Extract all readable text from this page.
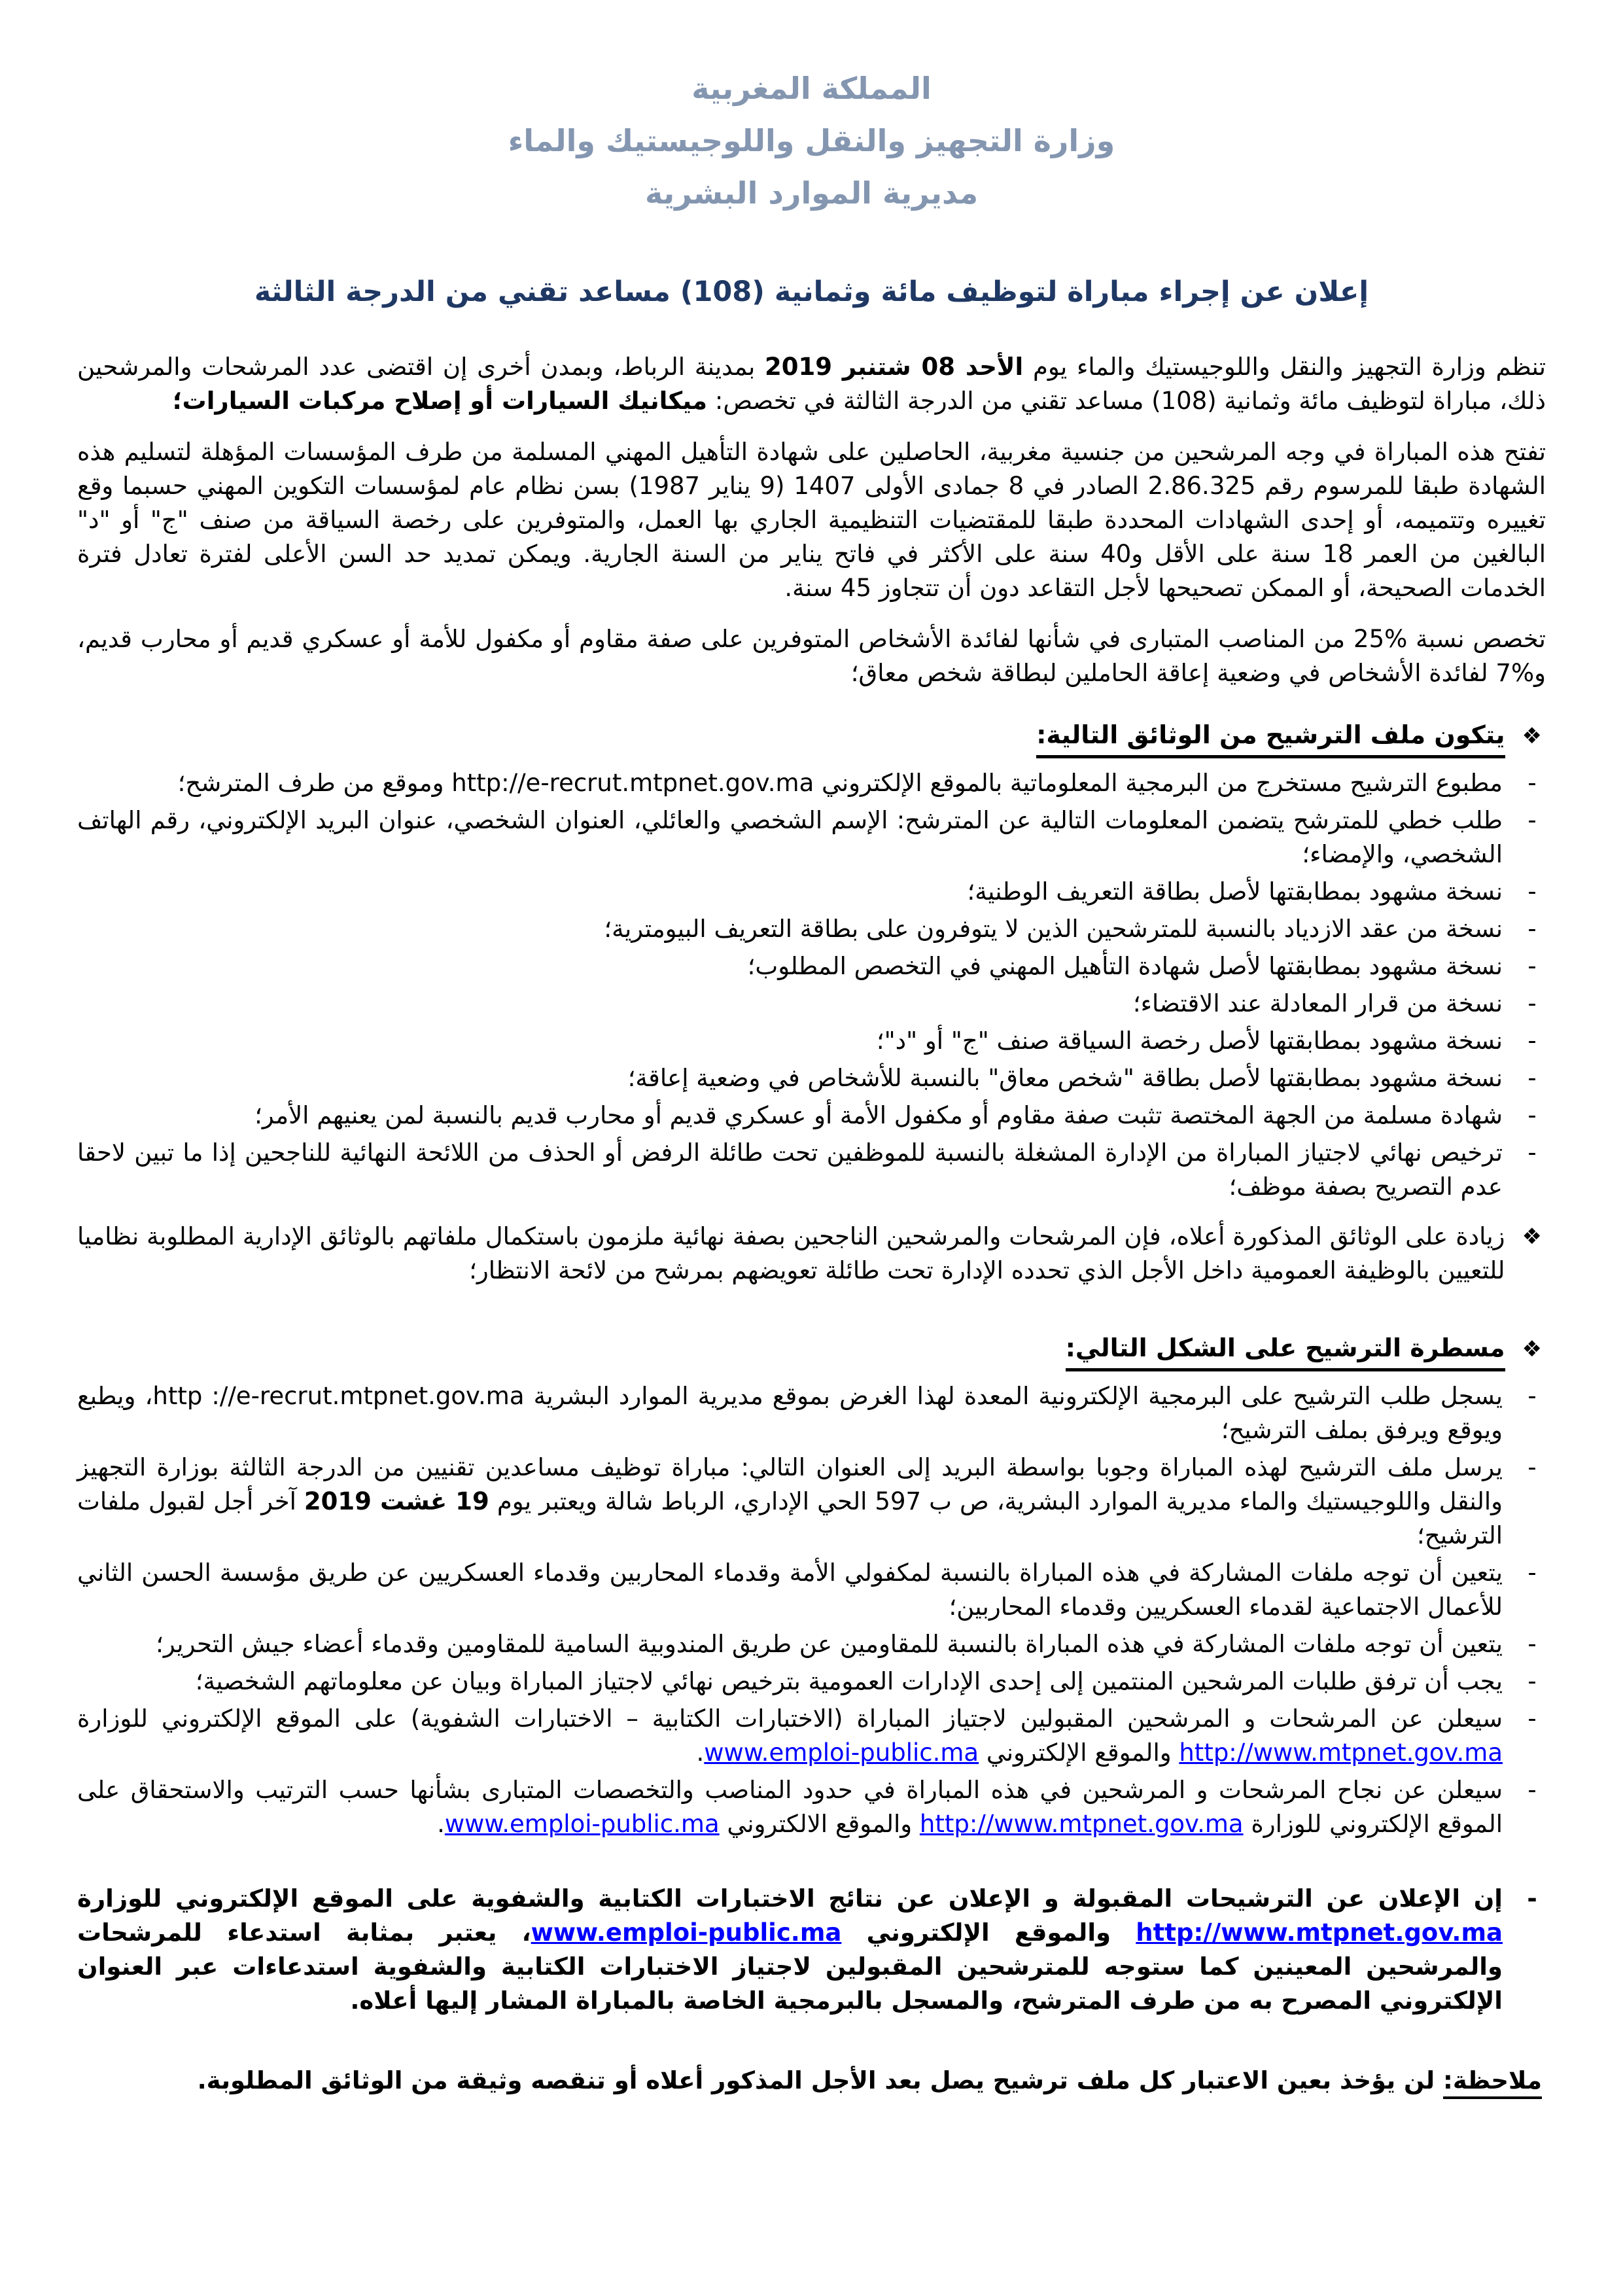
المملكة المغربية
وزارة التجهيز والنقل واللوجيستيك والماء
مديرية الموارد البشرية
إعلان عن إجراء مباراة لتوظيف مائة وثمانية (108) مساعد تقني من الدرجة الثالثة

تنظم وزارة التجهيز والنقل واللوجيستيك والماء يوم الأحد 08 شتنبر 2019 بمدينة الرباط، وبمدن أخرى إن اقتضى عدد المرشحات والمرشحين ذلك، مباراة لتوظيف مائة وثمانية (108) مساعد تقني من الدرجة الثالثة في تخصص: ميكانيك السيارات أو إصلاح مركبات السيارات؛

تفتح هذه المباراة في وجه المرشحين من جنسية مغربية، الحاصلين على شهادة التأهيل المهني المسلمة من طرف المؤسسات المؤهلة لتسليم هذه الشهادة طبقا للمرسوم رقم 2.86.325 الصادر في 8 جمادى الأولى 1407 (9 يناير 1987) بسن نظام عام لمؤسسات التكوين المهني حسبما وقع تغييره وتتميمه، أو إحدى الشهادات المحددة طبقا للمقتضيات التنظيمية الجاري بها العمل، والمتوفرين على رخصة السياقة من صنف "ج" أو "د" البالغين من العمر 18 سنة على الأقل و40 سنة على الأكثر في فاتح يناير من السنة الجارية. ويمكن تمديد حد السن الأعلى لفترة تعادل فترة الخدمات الصحيحة، أو الممكن تصحيحها لأجل التقاعد دون أن تتجاوز 45 سنة.

تخصص نسبة %25 من المناصب المتبارى في شأنها لفائدة الأشخاص المتوفرين على صفة مقاوم أو مكفول للأمة أو عسكري قديم أو محارب قديم، و%7 لفائدة الأشخاص في وضعية إعاقة الحاملين لبطاقة شخص معاق؛

❖
يتكون ملف الترشيح من الوثائق التالية:
-
مطبوع الترشيح مستخرج من البرمجية المعلوماتية بالموقع الإلكتروني http://e-recrut.mtpnet.gov.ma وموقع من طرف المترشح؛
-
طلب خطي للمترشح يتضمن المعلومات التالية عن المترشح: الإسم الشخصي والعائلي، العنوان الشخصي، عنوان البريد الإلكتروني، رقم الهاتف الشخصي، والإمضاء؛
-
نسخة مشهود بمطابقتها لأصل بطاقة التعريف الوطنية؛
-
نسخة من عقد الازدياد بالنسبة للمترشحين الذين لا يتوفرون على بطاقة التعريف البيومترية؛
-
نسخة مشهود بمطابقتها لأصل شهادة التأهيل المهني في التخصص المطلوب؛
-
نسخة من قرار المعادلة عند الاقتضاء؛
-
نسخة مشهود بمطابقتها لأصل رخصة السياقة صنف "ج" أو "د"؛
-
نسخة مشهود بمطابقتها لأصل بطاقة "شخص معاق" بالنسبة للأشخاص في وضعية إعاقة؛
-
شهادة مسلمة من الجهة المختصة تثبت صفة مقاوم أو مكفول الأمة أو عسكري قديم أو محارب قديم بالنسبة لمن يعنيهم الأمر؛
-
ترخيص نهائي لاجتياز المباراة من الإدارة المشغلة بالنسبة للموظفين تحت طائلة الرفض أو الحذف من اللائحة النهائية للناجحين إذا ما تبين لاحقا عدم التصريح بصفة موظف؛
❖
زيادة على الوثائق المذكورة أعلاه، فإن المرشحات والمرشحين الناجحين بصفة نهائية ملزمون باستكمال ملفاتهم بالوثائق الإدارية المطلوبة نظاميا للتعيين بالوظيفة العمومية داخل الأجل الذي تحدده الإدارة تحت طائلة تعويضهم بمرشح من لائحة الانتظار؛
❖
مسطرة الترشيح على الشكل التالي:
-
يسجل طلب الترشيح على البرمجية الإلكترونية المعدة لهذا الغرض بموقع مديرية الموارد البشرية http ://e-recrut.mtpnet.gov.ma، ويطبع ويوقع ويرفق بملف الترشيح؛
-
يرسل ملف الترشيح لهذه المباراة وجوبا بواسطة البريد إلى العنوان التالي: مباراة توظيف مساعدين تقنيين من الدرجة الثالثة بوزارة التجهيز والنقل واللوجيستيك والماء مديرية الموارد البشرية، ص ب 597 الحي الإداري، الرباط شالة ويعتبر يوم 19 غشت 2019 آخر أجل لقبول ملفات الترشيح؛
-
يتعين أن توجه ملفات المشاركة في هذه المباراة بالنسبة لمكفولي الأمة وقدماء المحاربين وقدماء العسكريين عن طريق مؤسسة الحسن الثاني للأعمال الاجتماعية لقدماء العسكريين وقدماء المحاربين؛
-
يتعين أن توجه ملفات المشاركة في هذه المباراة بالنسبة للمقاومين عن طريق المندوبية السامية للمقاومين وقدماء أعضاء جيش التحرير؛
-
يجب أن ترفق طلبات المرشحين المنتمين إلى إحدى الإدارات العمومية بترخيص نهائي لاجتياز المباراة وبيان عن معلوماتهم الشخصية؛
-
سيعلن عن المرشحات و المرشحين المقبولين لاجتياز المباراة (الاختبارات الكتابية – الاختبارات الشفوية) على الموقع الإلكتروني للوزارة http://www.mtpnet.gov.ma والموقع الإلكتروني www.emploi-public.ma.
-
سيعلن عن نجاح المرشحات و المرشحين في هذه المباراة في حدود المناصب والتخصصات المتبارى بشأنها حسب الترتيب والاستحقاق على الموقع الإلكتروني للوزارة http://www.mtpnet.gov.ma والموقع الالكتروني www.emploi-public.ma.
-
إن الإعلان عن الترشيحات المقبولة و الإعلان عن نتائج الاختبارات الكتابية والشفوية على الموقع الإلكتروني للوزارة http://www.mtpnet.gov.ma والموقع الإلكتروني www.emploi-public.ma، يعتبر بمثابة استدعاء للمرشحات والمرشحين المعينين كما ستوجه للمترشحين المقبولين لاجتياز الاختبارات الكتابية والشفوية استدعاءات عبر العنوان الإلكتروني المصرح به من طرف المترشح، والمسجل بالبرمجية الخاصة بالمباراة المشار إليها أعلاه.

ملاحظة: لن يؤخذ بعين الاعتبار كل ملف ترشيح يصل بعد الأجل المذكور أعلاه أو تنقصه وثيقة من الوثائق المطلوبة.
